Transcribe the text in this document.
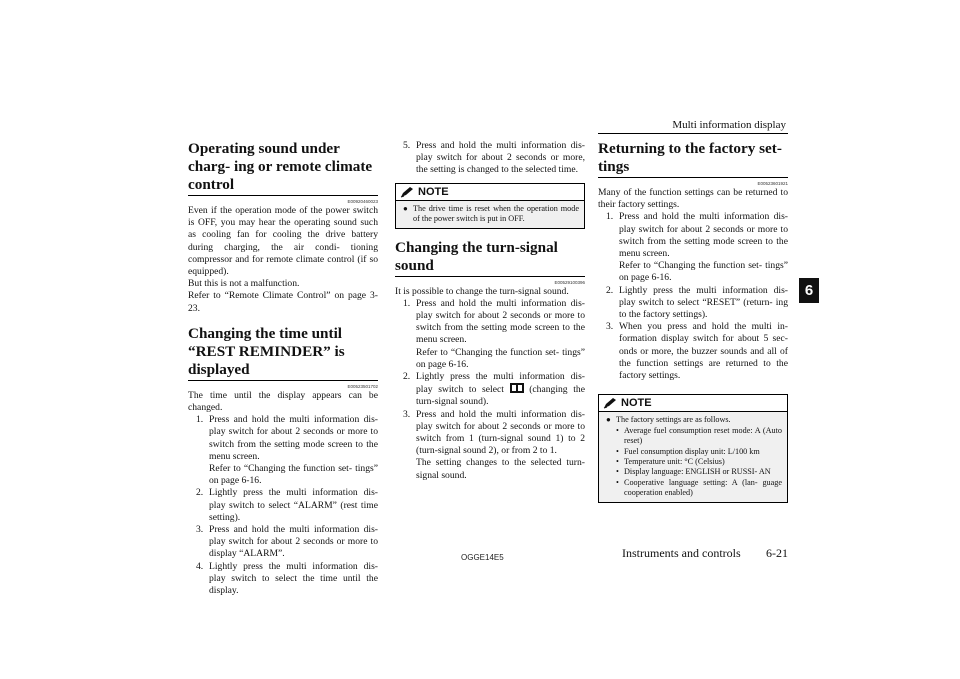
Multi information display
6
Operating sound under charg- ing or remote climate control
E00920460023

Even if the operation mode of the power switch is OFF, you may hear the operating sound such as cooling fan for cooling the drive battery during charging, the air condi- tioning compressor and for remote climate control (if so equipped).

But this is not a malfunction.

Refer to “Remote Climate Control” on page 3-23.

Changing the time until “REST REMINDER” is displayed
E00523501702

The time until the display appears can be changed.

1. Press and hold the multi information dis- play switch for about 2 seconds or more to switch from the setting mode screen to the menu screen.
Refer to “Changing the function set- tings” on page 6-16.
2. Lightly press the multi information dis- play switch to select “ALARM” (rest time setting).
3. Press and hold the multi information dis- play switch for about 2 seconds or more to display “ALARM”.
4. Lightly press the multi information dis- play switch to select the time until the display.
5. Press and hold the multi information dis- play switch for about 2 seconds or more, the setting is changed to the selected time.
NOTE
● The drive time is reset when the operation mode of the power switch is put in OFF.
Changing the turn-signal sound
E00529100396

It is possible to change the turn-signal sound.

1. Press and hold the multi information dis- play switch for about 2 seconds or more to switch from the setting mode screen to the menu screen.
Refer to “Changing the function set- tings” on page 6-16.
2. Lightly press the multi information dis- play switch to select	(changing the turn-signal sound).
3. Press and hold the multi information dis- play switch for about 2 seconds or more to switch from 1 (turn-signal sound 1) to 2 (turn-signal sound 2), or from 2 to 1.
The setting changes to the selected turn- signal sound.
Returning to the factory set- tings
E00523601921

Many of the function settings can be returned to their factory settings.

1. Press and hold the multi information dis- play switch for about 2 seconds or more to switch from the setting mode screen to the menu screen.
Refer to “Changing the function set- tings” on page 6-16.
2. Lightly press the multi information dis- play switch to select “RESET” (return- ing to the factory settings).
3. When you press and hold the multi in- formation display switch for about 5 sec- onds or more, the buzzer sounds and all of the function settings are returned to the factory settings.
NOTE
● The factory settings are as follows.
• Average fuel consumption reset mode: A (Auto reset)
• Fuel consumption display unit: L/100 km
• Temperature unit: °C (Celsius)
• Display language: ENGLISH or RUSSI- AN
• Cooperative language setting: A (lan- guage cooperation enabled)
OGGE14E5	Instruments and controls 6-21
